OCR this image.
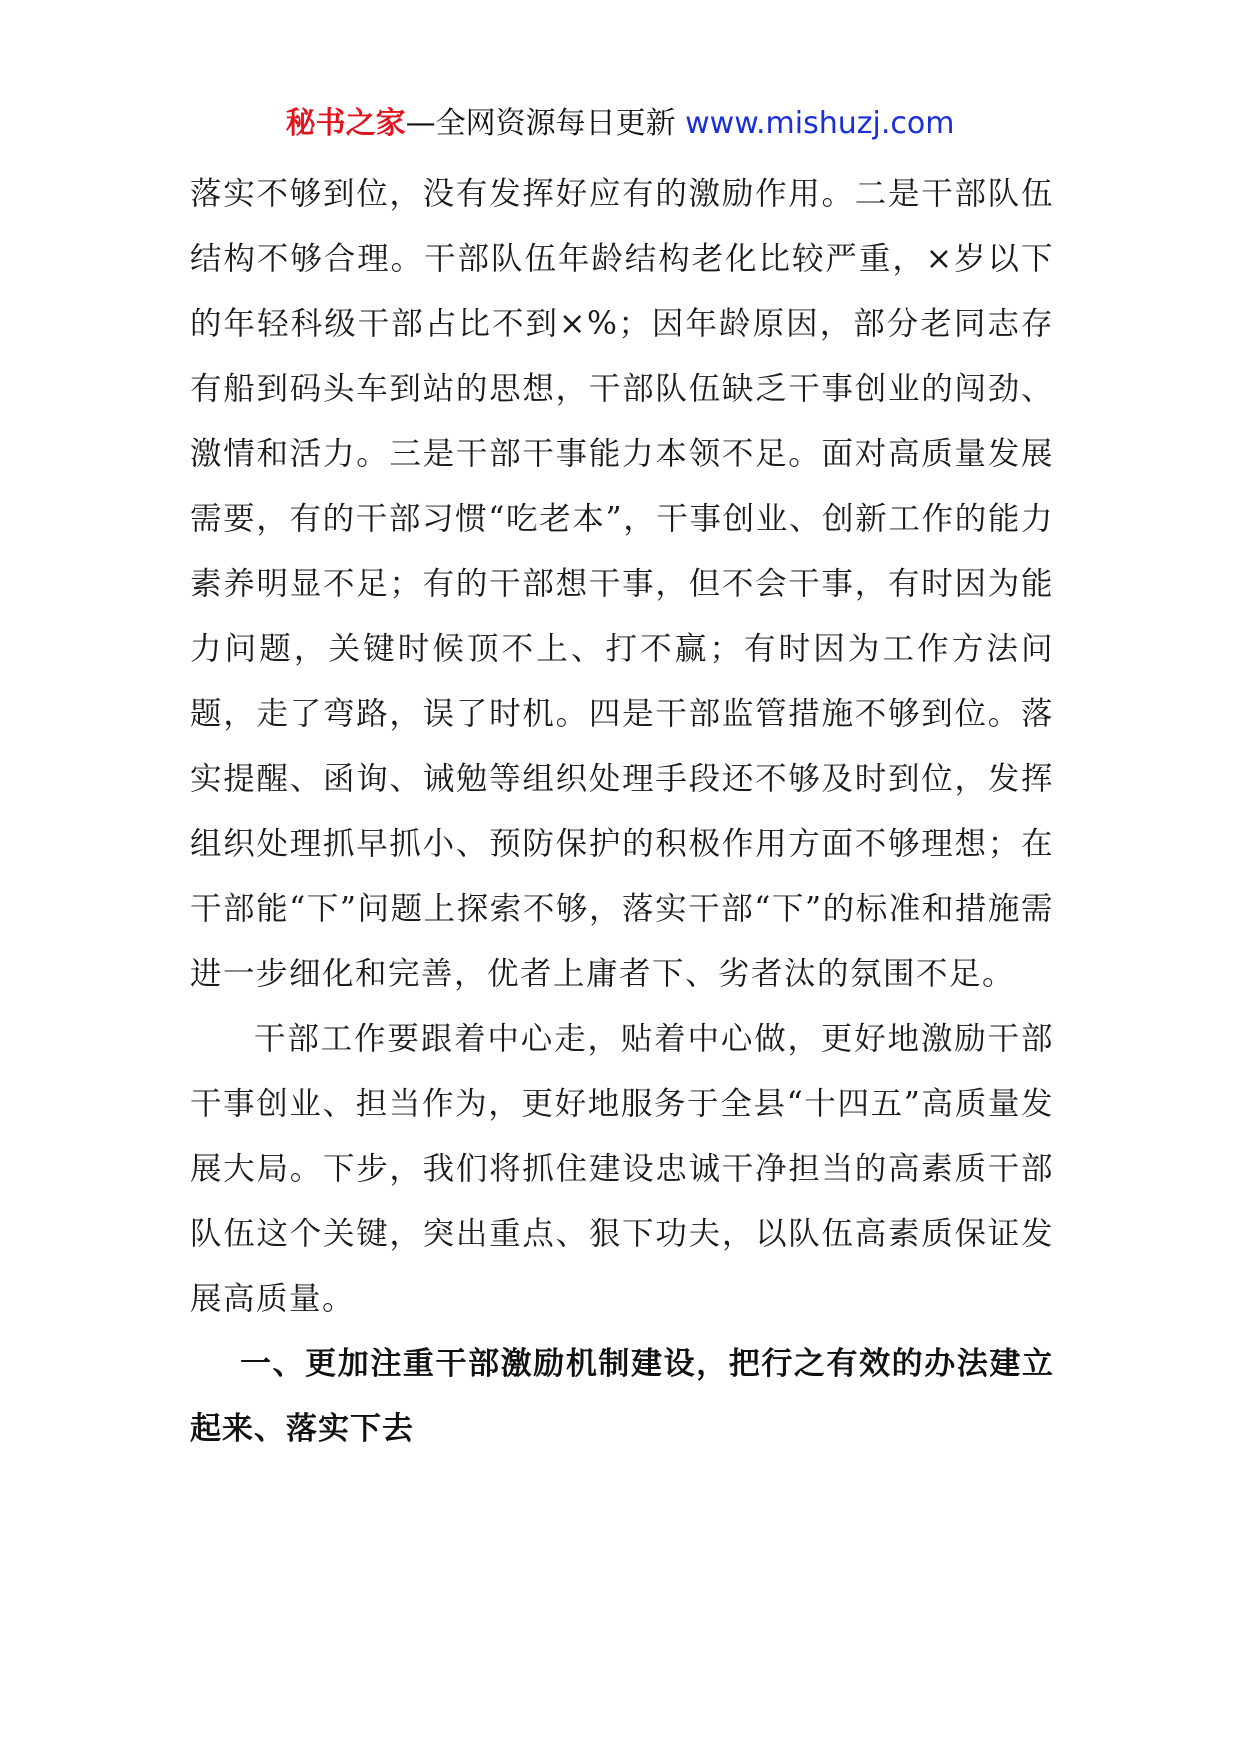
秘书之家—全网资源每日更新 www.mishuzj.com

落实不够到位，没有发挥好应有的激励作用。二是干部队伍结构不够合理。干部队伍年龄结构老化比较严重，×岁以下的年轻科级干部占比不到×%；因年龄原因，部分老同志存有船到码头车到站的思想，干部队伍缺乏干事创业的闯劲、激情和活力。三是干部干事能力本领不足。面对高质量发展需要，有的干部习惯“吃老本”，干事创业、创新工作的能力素养明显不足；有的干部想干事，但不会干事，有时因为能力问题，关键时候顶不上、打不赢；有时因为工作方法问题，走了弯路，误了时机。四是干部监管措施不够到位。落实提醒、函询、诫勉等组织处理手段还不够及时到位，发挥组织处理抓早抓小、预防保护的积极作用方面不够理想；在干部能“下”问题上探索不够，落实干部“下”的标准和措施需进一步细化和完善，优者上庸者下、劣者汰的氛围不足。

干部工作要跟着中心走，贴着中心做，更好地激励干部干事创业、担当作为，更好地服务于全县“十四五”高质量发展大局。下步，我们将抓住建设忠诚干净担当的高素质干部队伍这个关键，突出重点、狠下功夫，以队伍高素质保证发展高质量。

一、更加注重干部激励机制建设，把行之有效的办法建立起来、落实下去
